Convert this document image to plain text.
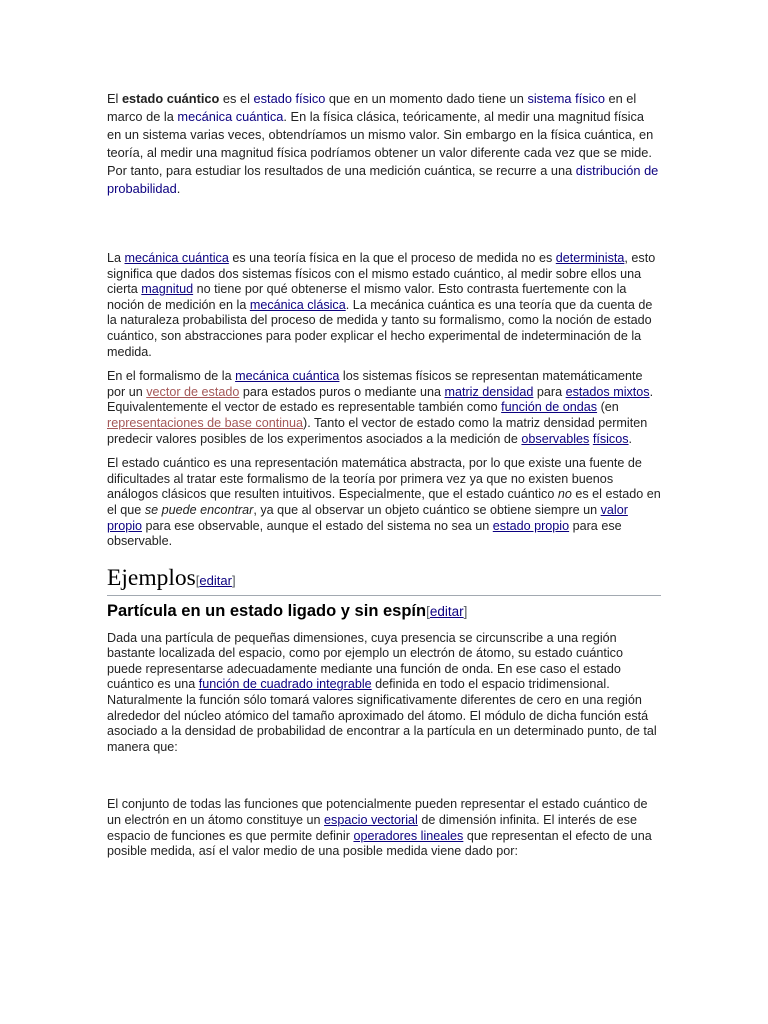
El estado cuántico es el estado físico que en un momento dado tiene un sistema físico en el marco de la mecánica cuántica. En la física clásica, teóricamente, al medir una magnitud física en un sistema varias veces, obtendríamos un mismo valor. Sin embargo en la física cuántica, en teoría, al medir una magnitud física podríamos obtener un valor diferente cada vez que se mide. Por tanto, para estudiar los resultados de una medición cuántica, se recurre a una distribución de probabilidad.

La mecánica cuántica es una teoría física en la que el proceso de medida no es determinista, esto significa que dados dos sistemas físicos con el mismo estado cuántico, al medir sobre ellos una cierta magnitud no tiene por qué obtenerse el mismo valor. Esto contrasta fuertemente con la noción de medición en la mecánica clásica. La mecánica cuántica es una teoría que da cuenta de la naturaleza probabilista del proceso de medida y tanto su formalismo, como la noción de estado cuántico, son abstracciones para poder explicar el hecho experimental de indeterminación de la medida.

En el formalismo de la mecánica cuántica los sistemas físicos se representan matemáticamente por un vector de estado para estados puros o mediante una matriz densidad para estados mixtos. Equivalentemente el vector de estado es representable también como función de ondas (en representaciones de base continua). Tanto el vector de estado como la matriz densidad permiten predecir valores posibles de los experimentos asociados a la medición de observables físicos.

El estado cuántico es una representación matemática abstracta, por lo que existe una fuente de dificultades al tratar este formalismo de la teoría por primera vez ya que no existen buenos análogos clásicos que resulten intuitivos. Especialmente, que el estado cuántico no es el estado en el que se puede encontrar, ya que al observar un objeto cuántico se obtiene siempre un valor propio para ese observable, aunque el estado del sistema no sea un estado propio para ese observable.

Ejemplos[editar]
Partícula en un estado ligado y sin espín[editar]

Dada una partícula de pequeñas dimensiones, cuya presencia se circunscribe a una región bastante localizada del espacio, como por ejemplo un electrón de átomo, su estado cuántico puede representarse adecuadamente mediante una función de onda. En ese caso el estado cuántico es una función de cuadrado integrable definida en todo el espacio tridimensional. Naturalmente la función sólo tomará valores significativamente diferentes de cero en una región alrededor del núcleo atómico del tamaño aproximado del átomo. El módulo de dicha función está asociado a la densidad de probabilidad de encontrar a la partícula en un determinado punto, de tal manera que:

El conjunto de todas las funciones que potencialmente pueden representar el estado cuántico de un electrón en un átomo constituye un espacio vectorial de dimensión infinita. El interés de ese espacio de funciones es que permite definir operadores lineales que representan el efecto de una posible medida, así el valor medio de una posible medida viene dado por:
